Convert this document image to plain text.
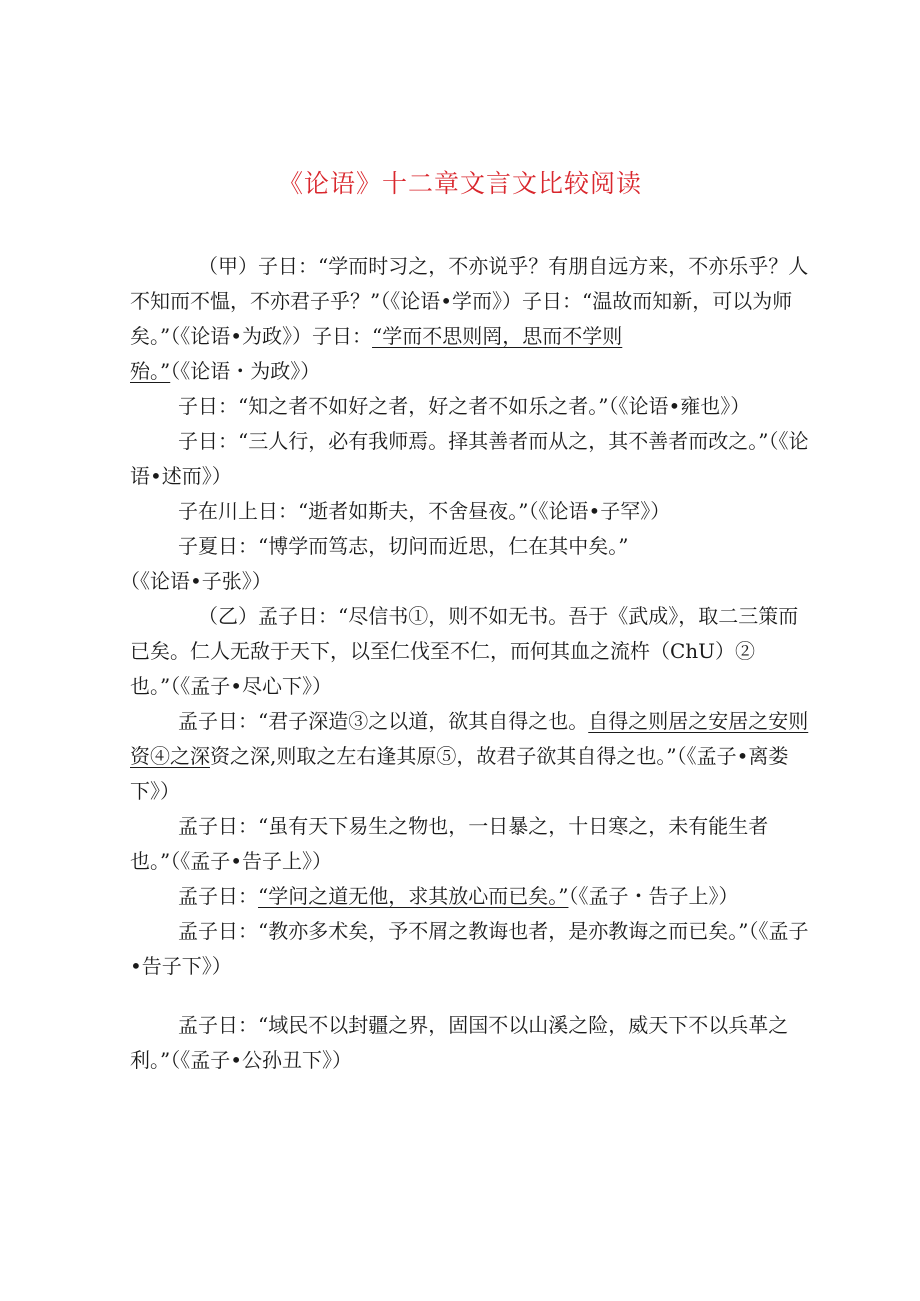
《论语》十二章文言文比较阅读

（甲）子日：“学而时习之，不亦说乎？有朋自远方来，不亦乐乎？人不知而不愠，不亦君子乎？”（《论语•学而》）子日：“温故而知新，可以为师矣。”（《论语•为政》）子日：“学而不思则罔，思而不学则殆。”（《论语・为政》）

子日：“知之者不如好之者，好之者不如乐之者。”（《论语•雍也》）

子日：“三人行，必有我师焉。择其善者而从之，其不善者而改之。”（《论语•述而》）

子在川上日：“逝者如斯夫，不舍昼夜。”（《论语•子罕》）

子夏日：“博学而笃志，切问而近思，仁在其中矣。”

（《论语•子张》）

（乙）孟子日：“尽信书①，则不如无书。吾于《武成》，取二三策而已矣。仁人无敌于天下，以至仁伐至不仁，而何其血之流杵（ChU）②也。”（《孟子•尽心下》）

孟子日：“君子深造③之以道，欲其自得之也。自得之则居之安居之安则资④之深资之深,则取之左右逢其原⑤，故君子欲其自得之也。”（《孟子•离娄下》）

孟子日：“虽有天下易生之物也，一日暴之，十日寒之，未有能生者也。”（《孟子•告子上》）

孟子日：“学问之道无他，求其放心而已矣。”（《孟子・告子上》）

孟子日：“教亦多术矣，予不屑之教诲也者，是亦教诲之而已矣。”（《孟子•告子下》）

孟子日：“域民不以封疆之界，固国不以山溪之险，威天下不以兵革之利。”（《孟子•公孙丑下》）
